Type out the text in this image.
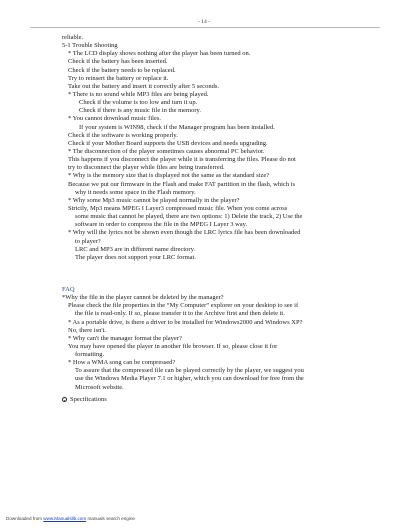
- 14 -
reliable.
5-1 Trouble Shooting
* The LCD display shows nothing after the player has been turned on.
Check if the battery has been inserted.
Check if the battery needs to be replaced.
Try to reinsert the battery or replace it.
Take out the battery and insert it correctly after 5 seconds.
* There is no sound while MP3 files are being played.
Check if the volume is too low and turn it up.
Check if there is any music file in the memory.
* You cannot download music files.
If your system is WIN98, check if the Manager program has been installed.
Check if the software is working properly.
Check if your Mother Board supports the USB devices and needs upgrading.
* The disconnection of the player sometimes causes abnormal PC behavior.
This happens if you disconnect the player while it is transferring the files. Please do not
try to disconnect the player while files are being transferred.
* Why is the memory size that is displayed not the same as the standard size?
Because we put our firmware in the Flash and make FAT partition in the flash, which is
why it needs some space in the Flash memory.
* Why some Mp3 music cannot be played normally in the player?
Strictly, Mp3 means MPEG I Layer3 compressed music file. When you come across
some music that cannot be played, there are two options: 1) Delete the track, 2) Use the
software in order to compress the file in the MPEG I Layer 3 way.
* Why will the lyrics not be shown even though the LRC lyrics file has been downloaded
to player?
LRC and MP3 are in different name directory.
The player does not support your LRC format.
FAQ
*Why the file in the player cannot be deleted by the manager?
Please check the file properties in the “My Computer” explorer on your desktop to see if
the file is read-only. If so, please transfer it to the Archive first and then delete it.
* As a portable drive, is there a driver to be installed for Windows2000 and Windows XP?
No, there isn't.
* Why can't the manager format the player?
You may have opened the player in another file browser. If so, please close it for
formatting.
* How a WMA song can be compressed?
To assure that the compressed file can be played correctly by the player, we suggest you
use the Windows Media Player 7.1 or higher, which you can download for free from the
Microsoft website.
Specifications
Downloaded from www.Manualslib.com manuals search engine
